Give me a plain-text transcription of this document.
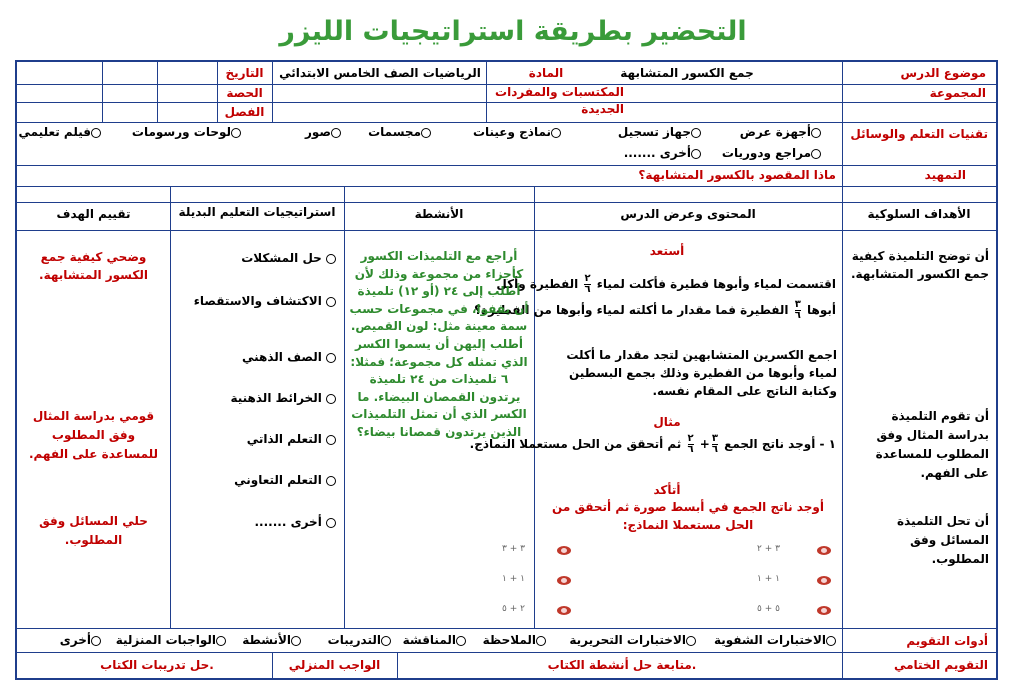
التحضير بطريقة استراتيجيات الليزر
موضوع الدرس
جمع الكسور المتشابهة
المادة
الرياضيات الصف الخامس الابتدائي
التاريخ
المجموعة
المكتسبات والمفردات الجديدة
الحصة
الفصل
تقنيات التعلم والوسائل
أجهزة عرض
جهاز تسجيل
نماذج وعينات
مجسمات
صور
لوحات ورسومات
فيلم تعليمي
مراجع ودوريات
أخرى .......
التمهيد
ماذا المقصود بالكسور المتشابهة؟
الأهداف السلوكية
المحتوى وعرض الدرس
الأنشطة
استراتيجيات التعليم البديلة
تقييم الهدف
أن توضح التلميذة كيفية جمع الكسور المتشابهة.
أن تقوم التلميذة بدراسة المثال وفق المطلوب للمساعدة على الفهم.
أن تحل التلميذة المسائل وفق المطلوب.
أستعد
اقتسمت لمياء وأبوها فطيرة فأكلت لمياء
$\frac{٢}{٦}$
الفطيرة وأكل
أبوها
$\frac{٣}{٦}$
الفطيرة فما مقدار ما أكلته لمياء وأبوها من الفطيرة؟
اجمع الكسرين المتشابهين لتجد مقدار ما أكلت لمياء وأبوها من الفطيرة وذلك بجمع البسطين وكتابة الناتج على المقام نفسه.
مثال
١ - أوجد ناتج الجمع
$\frac{٣}{٦}$
+
$\frac{٢}{٦}$
ثم أتحقق من الحل مستعملا النماذج.
أتأكد
أوجد ناتج الجمع في أبسط صورة ثم أتحقق من الحل مستعملا النماذج:
٣ + ٢
٣ + ٣
١ + ١
١ + ١
٥ + ٥
٢ + ٥
أراجع مع التلميذات الكسور كأجزاء من مجموعة وذلك لأن أطلب إلى ٢٤ (أو ١٢) تلميذة أن يقفوا، في مجموعات حسب سمة معينة مثل: لون القميص. أطلب إليهن أن يسموا الكسر الذي تمثله كل مجموعة؛ فمثلا: ٦ تلميذات من ٢٤ تلميذة يرتدون القمصان البيضاء. ما الكسر الذي أن تمثل التلميذات الذين يرتدون قمصانا بيضاء؟
حل المشكلات
الاكتشاف والاستقصاء
الصف الذهني
الخرائط الذهنية
التعلم الذاتي
التعلم التعاوني
أخرى .......
وضحي كيفية جمع الكسور المتشابهة.
قومي بدراسة المثال وفق المطلوب للمساعدة على الفهم.
حلي المسائل وفق المطلوب.
أدوات التقويم
الاختبارات الشفوية
الاختبارات التحريرية
الملاحظة
المناقشة
التدريبات
الأنشطة
الواجبات المنزلية
أخرى
التقويم الختامي
متابعة حل أنشطة الكتاب.
الواجب المنزلي
حل تدريبات الكتاب.
